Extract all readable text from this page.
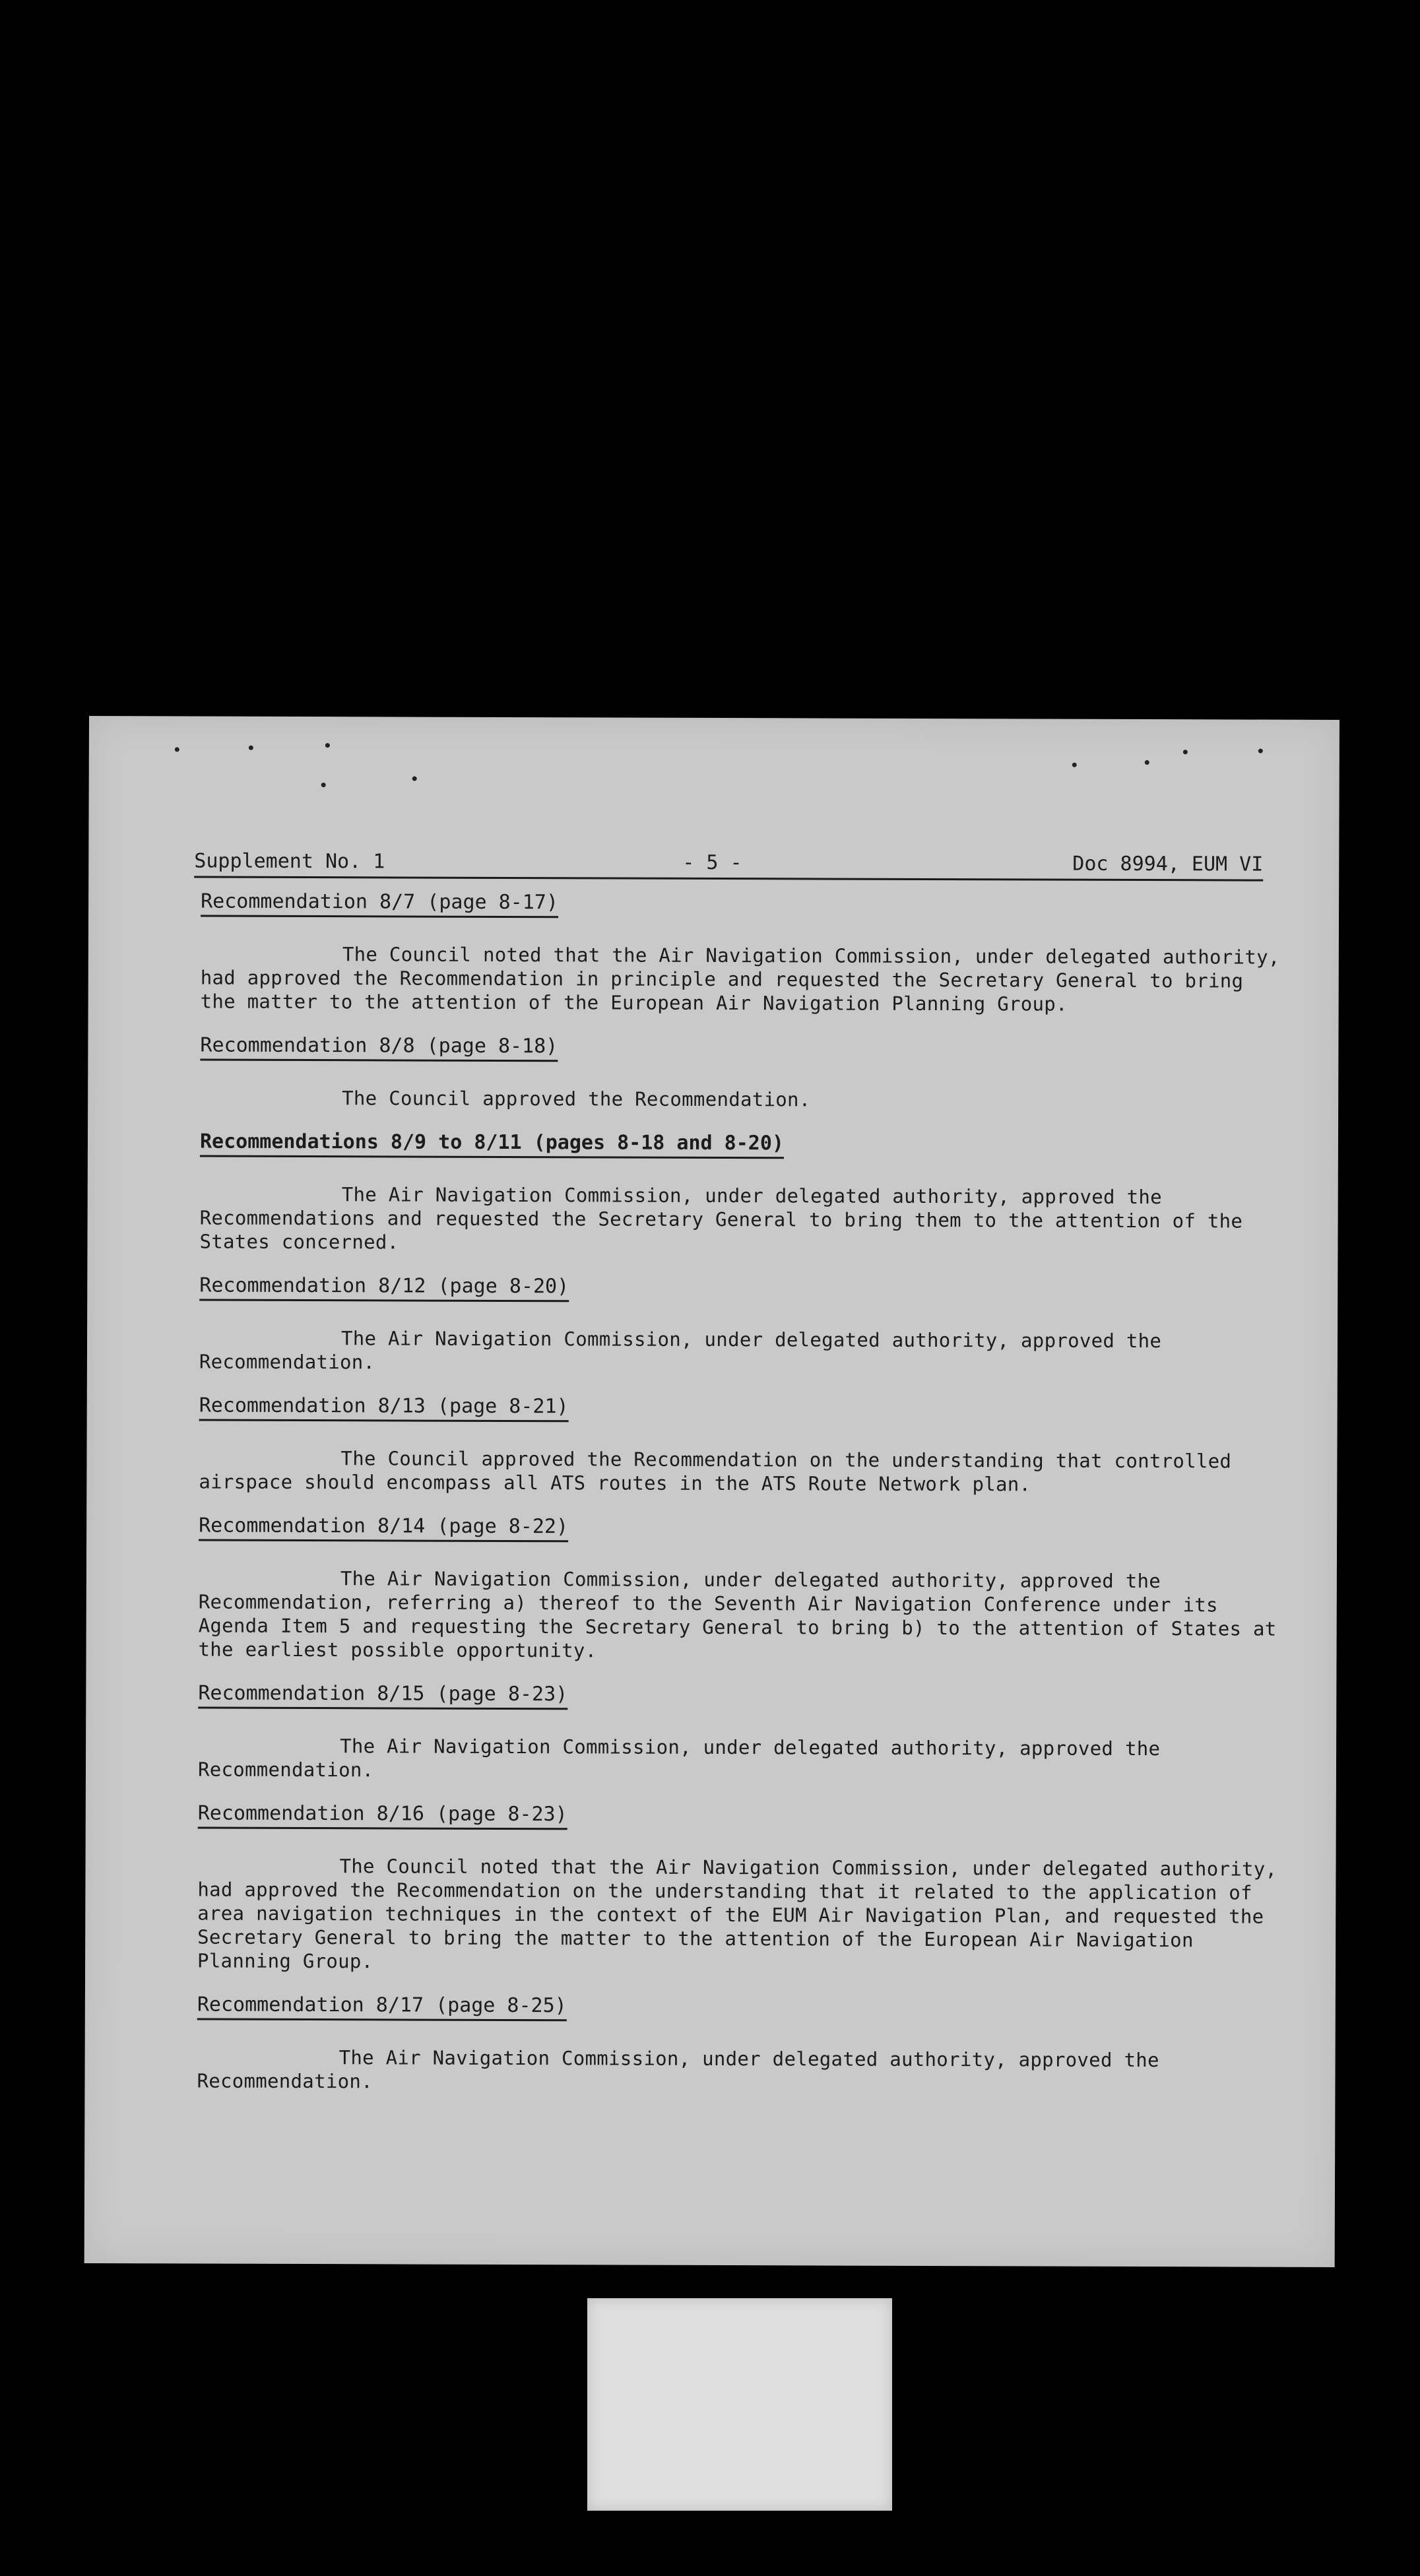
Supplement No. 1	- 5 -	Doc 8994, EUM VI
Recommendation 8/7 (page 8-17)

The Council noted that the Air Navigation Commission, under delegated authority, had approved the Recommendation in principle and requested the Secretary General to bring the matter to the attention of the European Air Navigation Planning Group.

Recommendation 8/8 (page 8-18)

The Council approved the Recommendation.

Recommendations 8/9 to 8/11 (pages 8-18 and 8-20)

The Air Navigation Commission, under delegated authority, approved the Recommendations and requested the Secretary General to bring them to the attention of the States concerned.

Recommendation 8/12 (page 8-20)

The Air Navigation Commission, under delegated authority, approved the Recommendation.

Recommendation 8/13 (page 8-21)

The Council approved the Recommendation on the understanding that controlled airspace should encompass all ATS routes in the ATS Route Network plan.

Recommendation 8/14 (page 8-22)

The Air Navigation Commission, under delegated authority, approved the Recommendation, referring a) thereof to the Seventh Air Navigation Conference under its Agenda Item 5 and requesting the Secretary General to bring b) to the attention of States at the earliest possible opportunity.

Recommendation 8/15 (page 8-23)

The Air Navigation Commission, under delegated authority, approved the Recommendation.

Recommendation 8/16 (page 8-23)

The Council noted that the Air Navigation Commission, under delegated authority, had approved the Recommendation on the understanding that it related to the application of area navigation techniques in the context of the EUM Air Navigation Plan, and requested the Secretary General to bring the matter to the attention of the European Air Navigation Planning Group.

Recommendation 8/17 (page 8-25)

The Air Navigation Commission, under delegated authority, approved the Recommendation.
